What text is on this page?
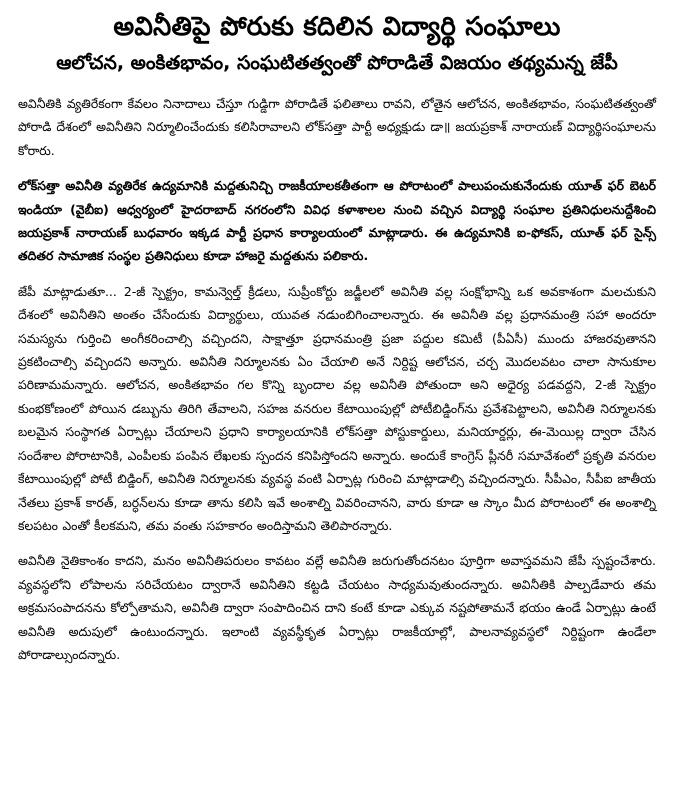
అవినీతిపై పోరుకు కదిలిన విద్యార్థి సంఘాలు
ఆలోచన, అంకితభావం, సంఘటితత్వంతో పోరాడితే విజయం తథ్యమన్న జేపీ

అవినీతికి వ్యతిరేకంగా కేవలం నినాదాలు చేస్తూ గుడ్డిగా పోరాడితే ఫలితాలు రావని, లోతైన ఆలోచన, అంకితభావం, సంఘటితత్వంతో పోరాడి దేశంలో అవినీతిని నిర్మూలించేందుకు కలిసిరావాలని లోక్‌సత్తా పార్టీ అధ్యక్షుడు డా॥ జయప్రకాశ్ నారాయణ్ విద్యార్థిసంఘాలను కోరారు.

లోక్‌సత్తా అవినీతి వ్యతిరేక ఉద్యమానికి మద్దతునిచ్చి రాజకీయాలకతీతంగా ఆ పోరాటంలో పాలుపంచుకునేందుకు యూత్ ఫర్ బెటర్ ఇండియా (వైబీఐ) ఆధ్వర్యంలో హైదరాబాద్ నగరంలోని వివిధ కళాశాలల నుంచి వచ్చిన విద్యార్థి సంఘాల ప్రతినిధులనుద్దేశించి జయప్రకాశ్ నారాయణ్ బుధవారం ఇక్కడ పార్టీ ప్రధాన కార్యాలయంలో మాట్లాడారు. ఈ ఉద్యమానికి ఐ-ఫోకస్, యూత్ ఫర్ సైన్స్ తదితర సామాజిక సంస్థల ప్రతినిధులు కూడా హాజరై మద్దతును పలికారు.

జేపీ మాట్లాడుతూ... 2-జీ స్పెక్ట్రం, కామన్వెల్త్ క్రీడలు, సుప్రీంకోర్టు జడ్జీలలో అవినీతి వల్ల సంక్షోభాన్ని ఒక అవకాశంగా మలచుకుని దేశంలో అవినీతిని అంతం చేసేందుకు విద్యార్థులు, యువత నడుంబిగించాలన్నారు. ఈ అవినీతి వల్ల ప్రధానమంత్రి సహా అందరూ సమస్యను గుర్తించి అంగీకరించాల్సి వచ్చిందని, సాక్షాత్తూ ప్రధానమంత్రి ప్రజా పద్దుల కమిటీ (పీఏసీ) ముందు హాజరవుతానని ప్రకటించాల్సి వచ్చిందని అన్నారు. అవినీతి నిర్మూలనకు ఏం చేయాలి అనే నిర్దిష్ట ఆలోచన, చర్చ మొదలవటం చాలా సానుకూల పరిణామమన్నారు. ఆలోచన, అంకితభావం గల కొన్ని బృందాల వల్ల అవినీతి పోతుందా అని అధైర్య పడవద్దని, 2-జీ స్పెక్ట్రం కుంభకోణంలో పోయిన డబ్బును తిరిగి తేవాలని, సహజ వనరుల కేటాయింపుల్లో పోటీబిడ్డింగ్‌ను ప్రవేశపెట్టాలని, అవినీతి నిర్మూలనకు బలమైన సంస్థాగత ఏర్పాట్లు చేయాలని ప్రధాని కార్యాలయానికి లోక్‌సత్తా పోస్టుకార్డులు, మనియార్డర్లు, ఈ-మెయిల్ల ద్వారా చేసిన సందేశాల పోరాటానికి, ఎంపీలకు పంపిన లేఖలకు స్పందన కనిపిస్తోందని అన్నారు. అందుకే కాంగ్రెస్ ప్లీనరీ సమావేశంలో ప్రకృతి వనరుల కేటాయింపుల్లో పోటీ బిడ్డింగ్, అవినీతి నిర్మూలనకు వ్యవస్థ వంటి ఏర్పాట్ల గురించి మాట్లాడాల్సి వచ్చిందన్నారు. సీపీఎం, సీపీఐ జాతీయ నేతలు ప్రకాశ్ కారత్, బర్ధన్‌లను కూడా తాను కలిసి ఇవే అంశాల్ని వివరించానని, వారు కూడా ఆ స్కాం మీద పోరాటంలో ఈ అంశాల్ని కలపటం ఎంతో కీలకమని, తమ వంతు సహకారం అందిస్తామని తెలిపారన్నారు.

అవినీతి నైతికాంశం కాదని, మనం అవినీతిపరులం కావటం వల్లే అవినీతి జరుగుతోందనటం పూర్తిగా అవాస్తవమని జేపీ స్పష్టంచేశారు. వ్యవస్థలోని లోపాలను సరిచేయటం ద్వారానే అవినీతిని కట్టడి చేయటం సాధ్యమవుతుందన్నారు. అవినీతికి పాల్పడేవారు తమ అక్రమసంపాదనను కోల్పోతామని, అవినీతి ద్వారా సంపాదించిన దాని కంటే కూడా ఎక్కువ నష్టపోతామనే భయం ఉండే ఏర్పాట్లు ఉంటే అవినీతి అదుపులో ఉంటుందన్నారు. ఇలాంటి వ్యవస్థీకృత ఏర్పాట్లు రాజకీయాల్లో, పాలనావ్యవస్థలో నిర్దిష్టంగా ఉండేలా పోరాడాల్సుందన్నారు.
